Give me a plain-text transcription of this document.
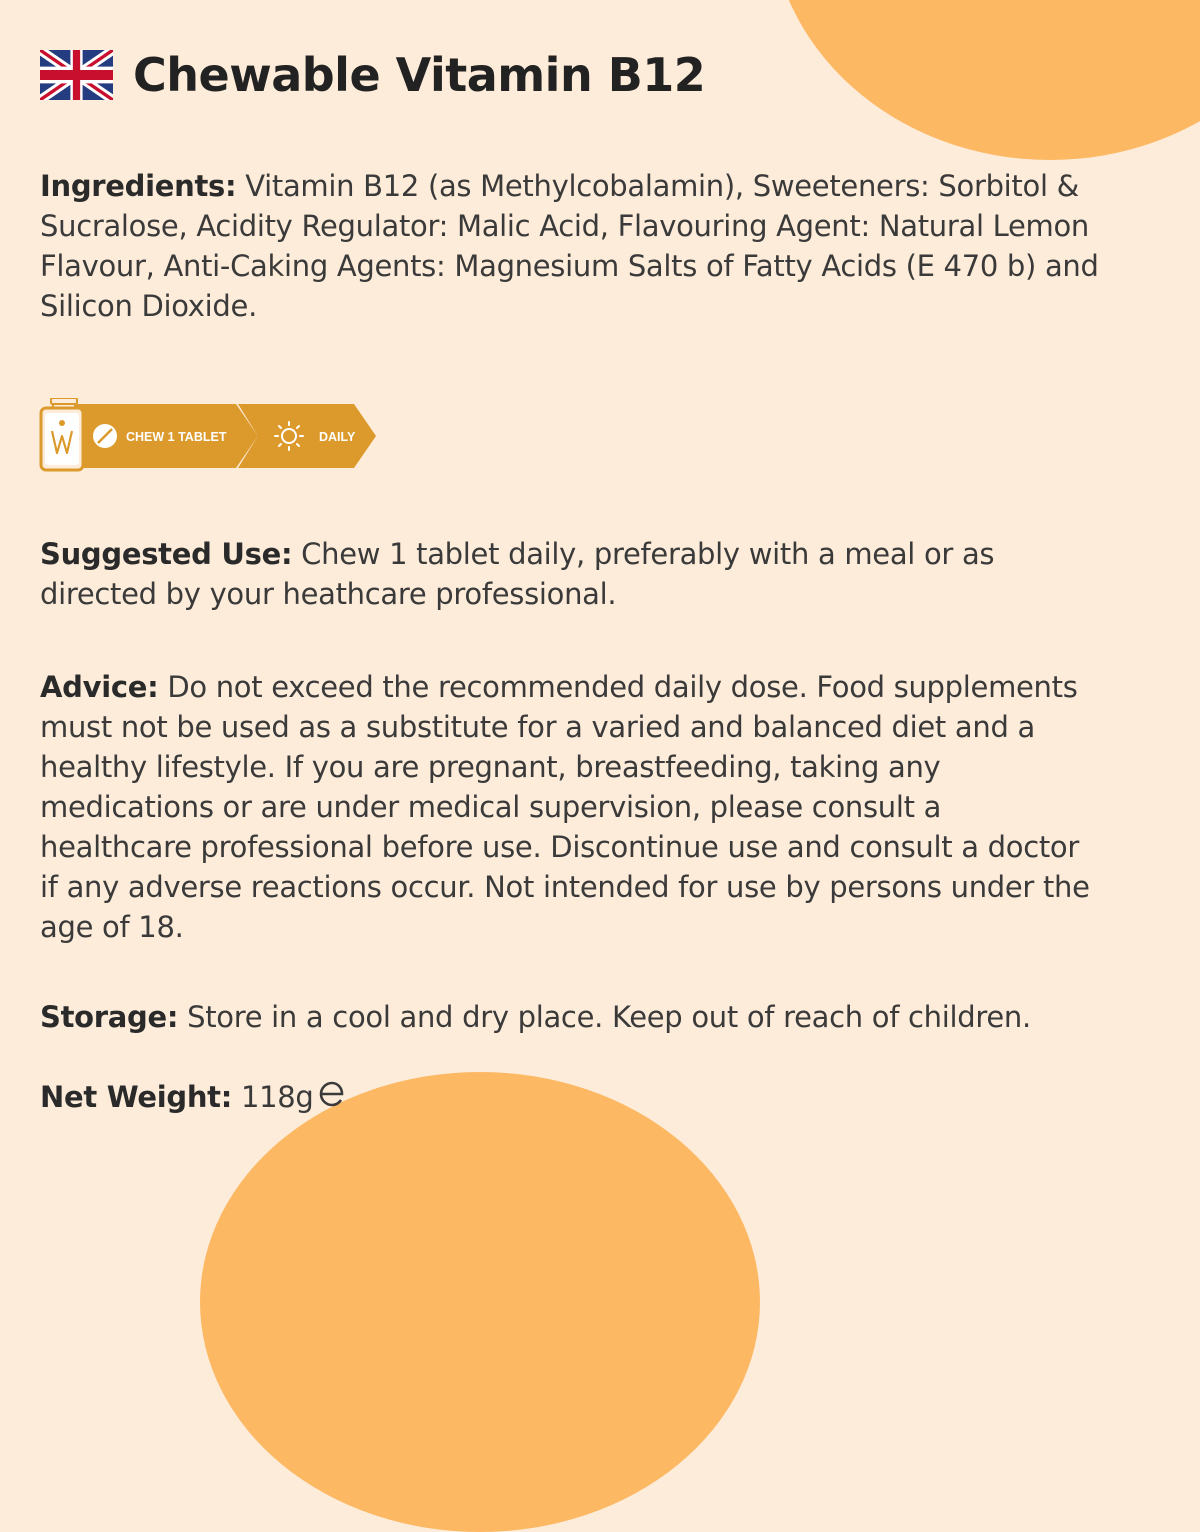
Chewable Vitamin B12

Ingredients: Vitamin B12 (as Methylcobalamin), Sweeteners: Sorbitol & Sucralose, Acidity Regulator: Malic Acid, Flavouring Agent: Natural Lemon Flavour, Anti-Caking Agents: Magnesium Salts of Fatty Acids (E 470 b) and Silicon Dioxide.

CHEW 1 TABLET	DAILY

Suggested Use: Chew 1 tablet daily, preferably with a meal or as directed by your heathcare professional.

Advice: Do not exceed the recommended daily dose. Food supplements must not be used as a substitute for a varied and balanced diet and a healthy lifestyle. If you are pregnant, breastfeeding, taking any medications or are under medical supervision, please consult a healthcare professional before use. Discontinue use and consult a doctor if any adverse reactions occur. Not intended for use by persons under the age of 18.

Storage: Store in a cool and dry place. Keep out of reach of children.

Net Weight: 118g
